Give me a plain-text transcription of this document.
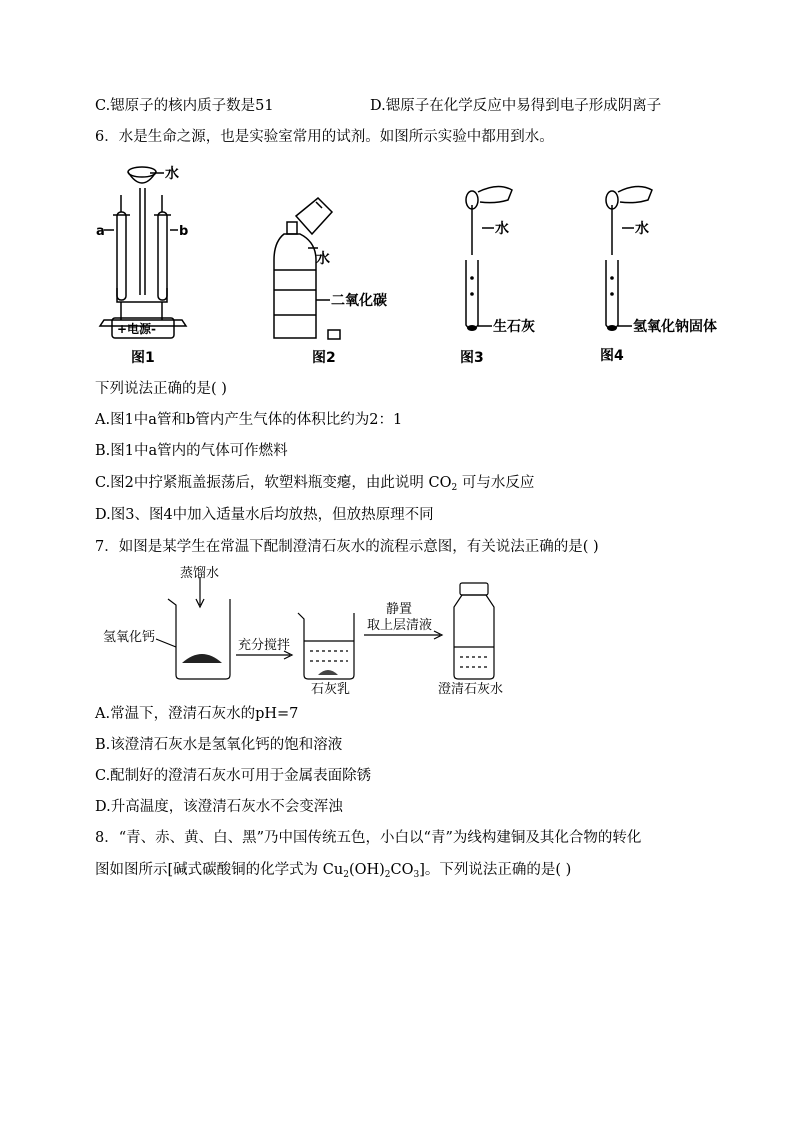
C.锶原子的核内质子数是51	D.锶原子在化学反应中易得到电子形成阴离子
6．水是生命之源，也是实验室常用的试剂。如图所示实验中都用到水。
水
a	b
+电源-
图1
水
二氧化碳
图2
水
生石灰
图3
水
氢氧化钠固体
图4
下列说法正确的是( )
A.图1中a管和b管内产生气体的体积比约为2：1
B.图1中a管内的气体可作燃料
C.图2中拧紧瓶盖振荡后，软塑料瓶变瘪，由此说明 $CO_2$ 可与水反应
D.图3、图4中加入适量水后均放热，但放热原理不同
7．如图是某学生在常温下配制澄清石灰水的流程示意图，有关说法正确的是( )
蒸馏水
氢氧化钙
充分搅拌
石灰乳
静置
取上层清液
澄清石灰水
A.常温下，澄清石灰水的pH=7
B.该澄清石灰水是氢氧化钙的饱和溶液
C.配制好的澄清石灰水可用于金属表面除锈
D.升高温度，该澄清石灰水不会变浑浊
8．“青、赤、黄、白、黑”乃中国传统五色，小白以“青”为线构建铜及其化合物的转化
图如图所示[碱式碳酸铜的化学式为 $Cu_2(OH)_2CO_3$]。下列说法正确的是( )
